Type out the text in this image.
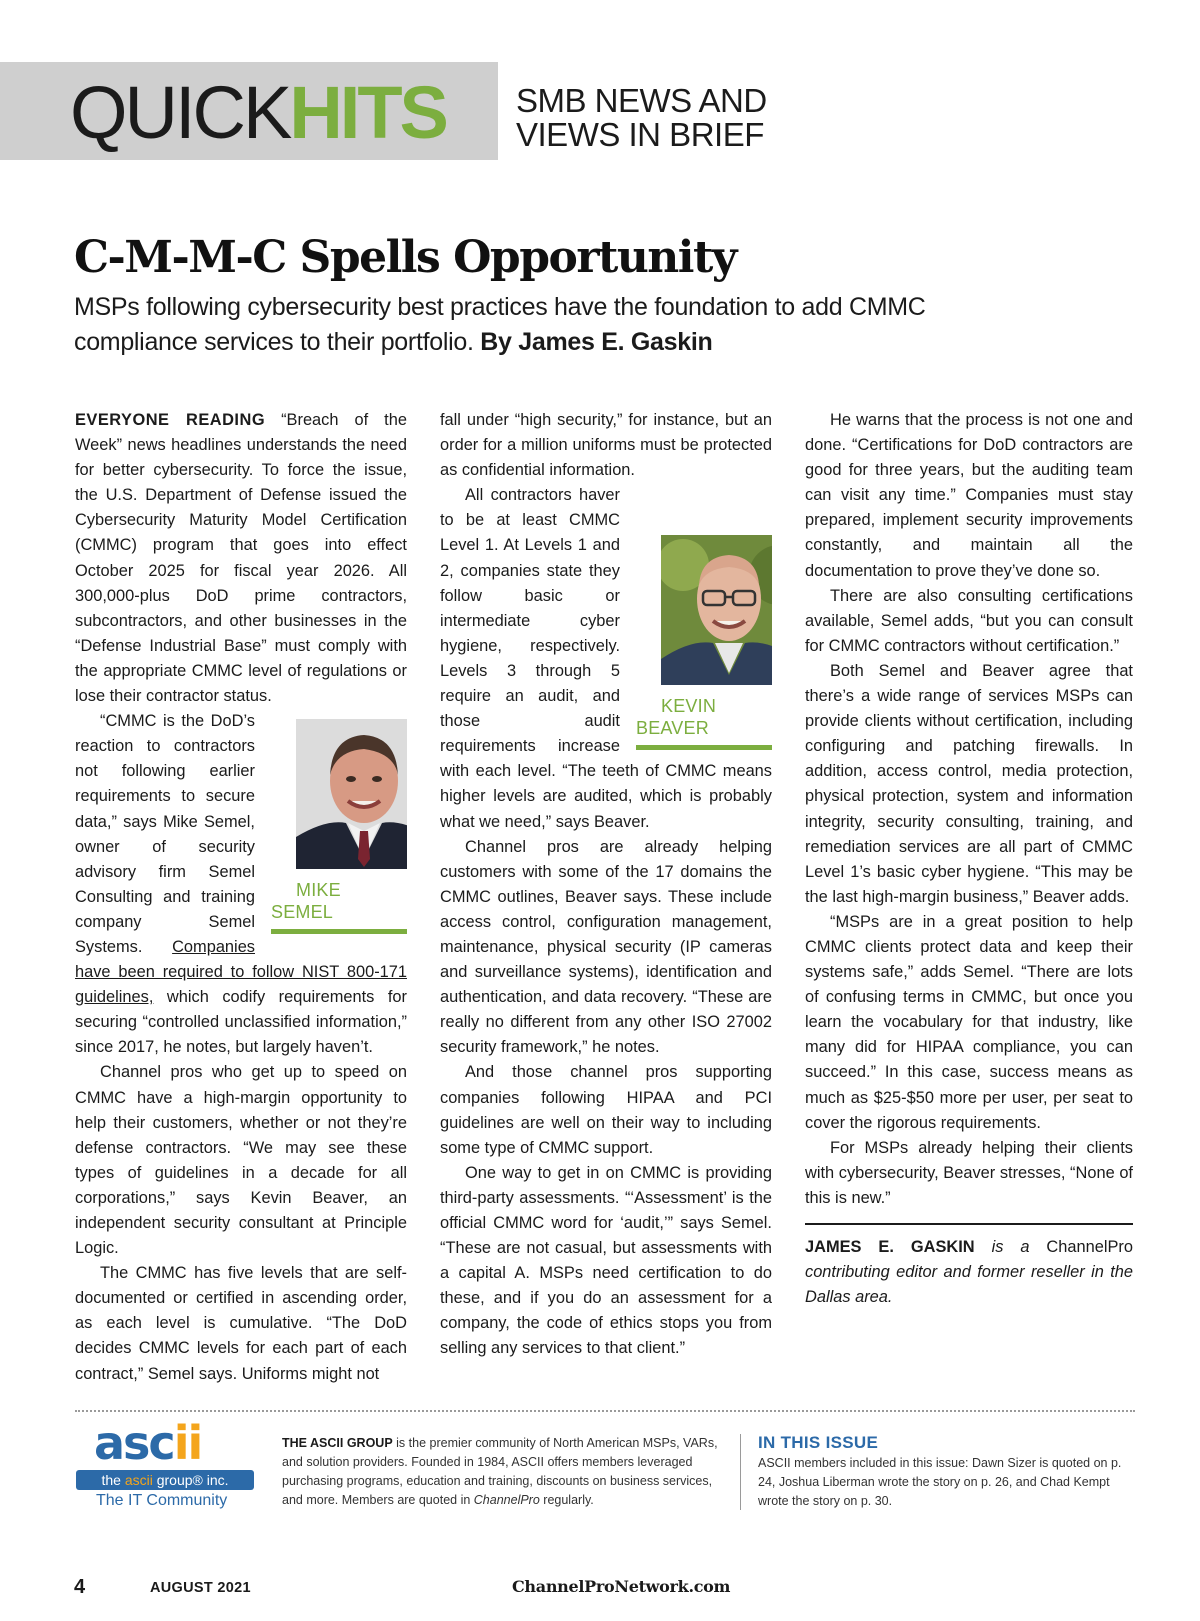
QUICKHITS SMB NEWS AND
VIEWS IN BRIEF
C-M-M-C Spells Opportunity
MSPs following cybersecurity best practices have the foundation to add CMMC compliance services to their portfolio. By James E. Gaskin

EVERYONE READING “Breach of the Week” news headlines understands the need for better cybersecurity. To force the issue, the U.S. Department of Defense issued the Cybersecurity Maturity Model Certification (CMMC) program that goes into effect October 2025 for fiscal year 2026. All 300,000-plus DoD prime contractors, subcontractors, and other businesses in the “Defense Industrial Base” must comply with the appropriate CMMC level of regulations or lose their contractor status.

MIKE SEMEL
“CMMC is the DoD’s reaction to contractors not following earlier requirements to secure data,” says Mike Semel, owner of security advisory firm Semel Consulting and training company Semel Systems. Companies have been required to follow NIST 800-171 guidelines, which codify requirements for securing “controlled unclassified information,” since 2017, he notes, but largely haven’t.

Channel pros who get up to speed on CMMC have a high-margin opportunity to help their customers, whether or not they’re defense contractors. “We may see these types of guidelines in a decade for all corporations,” says Kevin Beaver, an independent security consultant at Principle Logic.

The CMMC has five levels that are self-documented or certified in ascending order, as each level is cumulative. “The DoD decides CMMC levels for each part of each contract,” Semel says. Uniforms might not

fall under “high security,” for instance, but an order for a million uniforms must be protected as confidential information.

KEVIN BEAVER
All contractors haver to be at least CMMC Level 1. At Levels 1 and 2, companies state they follow basic or intermediate cyber hygiene, respectively. Levels 3 through 5 require an audit, and those audit requirements increase with each level. “The teeth of CMMC means higher levels are audited, which is probably what we need,” says Beaver.

Channel pros are already helping customers with some of the 17 domains the CMMC outlines, Beaver says. These include access control, configuration management, maintenance, physical security (IP cameras and surveillance systems), identification and authentication, and data recovery. “These are really no different from any other ISO 27002 security framework,” he notes.

And those channel pros supporting companies following HIPAA and PCI guidelines are well on their way to including some type of CMMC support.

One way to get in on CMMC is providing third-party assessments. “‘Assessment’ is the official CMMC word for ‘audit,’” says Semel. “These are not casual, but assessments with a capital A. MSPs need certification to do these, and if you do an assessment for a company, the code of ethics stops you from selling any services to that client.”

He warns that the process is not one and done. “Certifications for DoD contractors are good for three years, but the auditing team can visit any time.” Companies must stay prepared, implement security improvements constantly, and maintain all the documentation to prove they’ve done so.

There are also consulting certifications available, Semel adds, “but you can consult for CMMC contractors without certification.”

Both Semel and Beaver agree that there’s a wide range of services MSPs can provide clients without certification, including configuring and patching firewalls. In addition, access control, media protection, physical protection, system and information integrity, security consulting, training, and remediation services are all part of CMMC Level 1’s basic cyber hygiene. “This may be the last high-margin business,” Beaver adds.

“MSPs are in a great position to help CMMC clients protect data and keep their systems safe,” adds Semel. “There are lots of confusing terms in CMMC, but once you learn the vocabulary for that industry, like many did for HIPAA compliance, you can succeed.” In this case, success means as much as $25-$50 more per user, per seat to cover the rigorous requirements.

For MSPs already helping their clients with cybersecurity, Beaver stresses, “None of this is new.”

JAMES E. GASKIN is a ChannelPro contributing editor and former reseller in the Dallas area.
ascii
the ascii group® inc.
The IT Community
THE ASCII GROUP is the premier community of North American MSPs, VARs, and solution providers. Founded in 1984, ASCII offers members leveraged purchasing programs, education and training, discounts on business services, and more. Members are quoted in ChannelPro regularly.
IN THIS ISSUE
ASCII members included in this issue: Dawn Sizer is quoted on p. 24, Joshua Liberman wrote the story on p. 26, and Chad Kempt wrote the story on p. 30.
4	AUGUST 2021	ChannelProNetwork.com
